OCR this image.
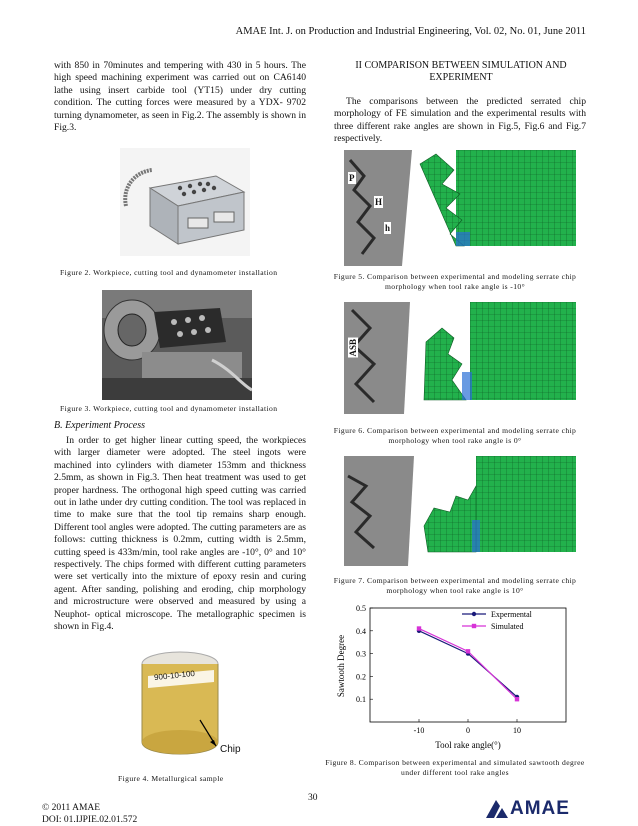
AMAE Int. J. on Production and Industrial Engineering, Vol. 02, No. 01, June 2011

with 850 in 70minutes and tempering with 430 in 5 hours. The high speed machining experiment was carried out on CA6140 lathe using insert carbide tool (YT15) under dry cutting condition. The cutting forces were measured by a YDX- 9702 turning dynamometer, as seen in Fig.2. The assembly is shown in Fig.3.

Figure 2. Workpiece, cutting tool and dynamometer installation
Figure 3. Workpiece, cutting tool and dynamometer installation
B. Experiment Process

In order to get higher linear cutting speed, the workpieces with larger diameter were adopted. The steel ingots were machined into cylinders with diameter 153mm and thickness 2.5mm, as shown in Fig.3. Then heat treatment was used to get proper hardness. The orthogonal high speed cutting was carried out in lathe under dry cutting condition. The tool was replaced in time to make sure that the tool tip remains sharp enough. Different tool angles were adopted. The cutting parameters are as follows: cutting thickness is 0.2mm, cutting width is 2.5mm, cutting speed is 433m/min, tool rake angles are -10°, 0° and 10° respectively. The chips formed with different cutting parameters were set vertically into the mixture of epoxy resin and curing agent. After sanding, polishing and eroding, chip morphology and microstructure were observed and measured by using a Neuphot- optical microscope. The metallographic specimen is shown in Fig.4.

900-10-100
Chip
Figure 4. Metallurgical sample
II COMPARISON BETWEEN SIMULATION AND EXPERIMENT

The comparisons between the predicted serrated chip morphology of FE simulation and the experimental results with three different rake angles are shown in Fig.5, Fig.6 and Fig.7 respectively.

P
H
h
Figure 5. Comparison between experimental and modeling serrate chip morphology when tool rake angle is -10°
ASB
Figure 6. Comparison between experimental and modeling serrate chip morphology when tool rake angle is 0°
Figure 7. Comparison between experimental and modeling serrate chip morphology when tool rake angle is 10°
0.1
0.2
0.3
0.4
0.5
-10	0	10
Expermental
Simulated
Tool rake angle(°)
Sawtooth Degree
Figure 8. Comparison between experimental and simulated sawtooth degree under different tool rake angles
30
© 2011 AMAE
DOI: 01.IJPIE.02.01.572
AMAE
